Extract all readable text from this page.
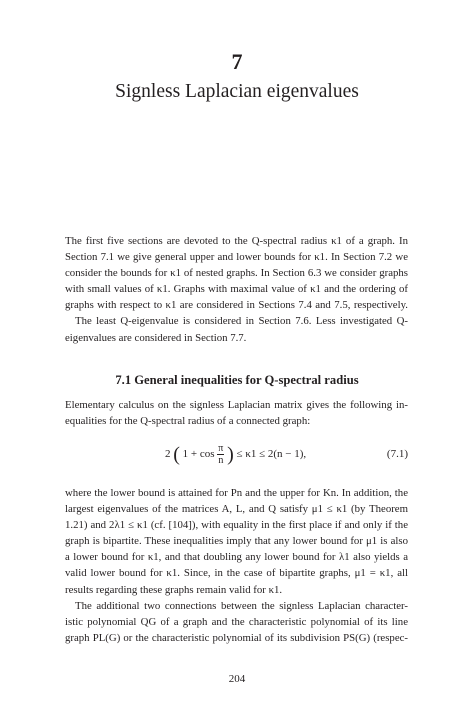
7
Signless Laplacian eigenvalues
The first five sections are devoted to the Q-spectral radius κ1 of a graph. In
Section 7.1 we give general upper and lower bounds for κ1. In Section 7.2 we
consider the bounds for κ1 of nested graphs. In Section 6.3 we consider graphs
with small values of κ1. Graphs with maximal value of κ1 and the ordering of
graphs with respect to κ1 are considered in Sections 7.4 and 7.5, respectively.
The least Q-eigenvalue is considered in Section 7.6. Less investigated Q-
eigenvalues are considered in Section 7.7.
7.1 General inequalities for Q-spectral radius
Elementary calculus on the signless Laplacian matrix gives the following in-
equalities for the Q-spectral radius of a connected graph:
2 ( $1 + \cos \frac{\pi}{n}$ ) ≤ κ1 ≤ 2(n − 1),	(7.1)
where the lower bound is attained for Pn and the upper for Kn. In addition, the
largest eigenvalues of the matrices A, L, and Q satisfy μ1 ≤ κ1 (by Theorem
1.21) and 2λ1 ≤ κ1 (cf. [104]), with equality in the first place if and only if the
graph is bipartite. These inequalities imply that any lower bound for μ1 is also
a lower bound for κ1, and that doubling any lower bound for λ1 also yields a
valid lower bound for κ1. Since, in the case of bipartite graphs, μ1 = κ1, all
results regarding these graphs remain valid for κ1.
The additional two connections between the signless Laplacian character-
istic polynomial QG of a graph and the characteristic polynomial of its line
graph PL(G) or the characteristic polynomial of its subdivision PS(G) (respec-
204
